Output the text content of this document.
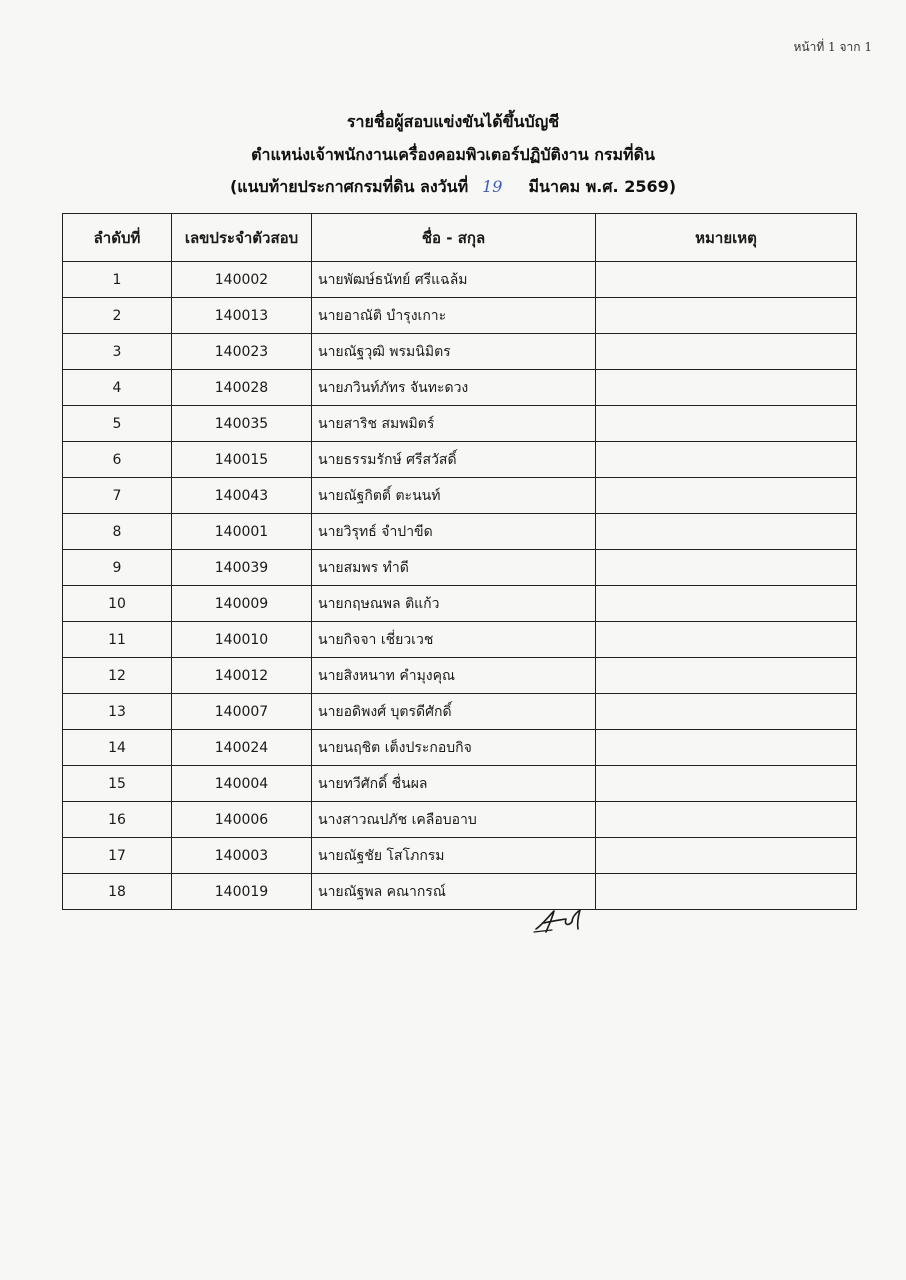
หน้าที่ 1 จาก 1
รายชื่อผู้สอบแข่งขันได้ขึ้นบัญชี
ตำแหน่งเจ้าพนักงานเครื่องคอมพิวเตอร์ปฏิบัติงาน กรมที่ดิน
(แนบท้ายประกาศกรมที่ดิน ลงวันที่ 19 มีนาคม พ.ศ. 2569)
ลำดับที่	เลขประจำตัวสอบ	ชื่อ - สกุล	หมายเหตุ
1	140002	นายพัฒษ์ธนัทย์ ศรีแฉล้ม	
2	140013	นายอาณัติ บำรุงเกาะ	
3	140023	นายณัฐวุฒิ พรมนิมิตร	
4	140028	นายภวินท์ภัทร จันทะดวง	
5	140035	นายสาริช สมพมิตร์	
6	140015	นายธรรมรักษ์ ศรีสวัสดิ์	
7	140043	นายณัฐกิตติ์ ตะนนท์	
8	140001	นายวิรุทธ์ จำปาขีด	
9	140039	นายสมพร ทำดี	
10	140009	นายกฤษณพล ติแก้ว	
11	140010	นายกิจจา เชี่ยวเวช	
12	140012	นายสิงหนาท คำมุงคุณ	
13	140007	นายอดิพงศ์ บุตรดีศักดิ์	
14	140024	นายนฤชิต เต็งประกอบกิจ	
15	140004	นายทวีศักดิ์ ชื่นผล	
16	140006	นางสาวณปภัช เคลือบอาบ	
17	140003	นายณัฐชัย โสโภกรม	
18	140019	นายณัฐพล คณากรณ์	
